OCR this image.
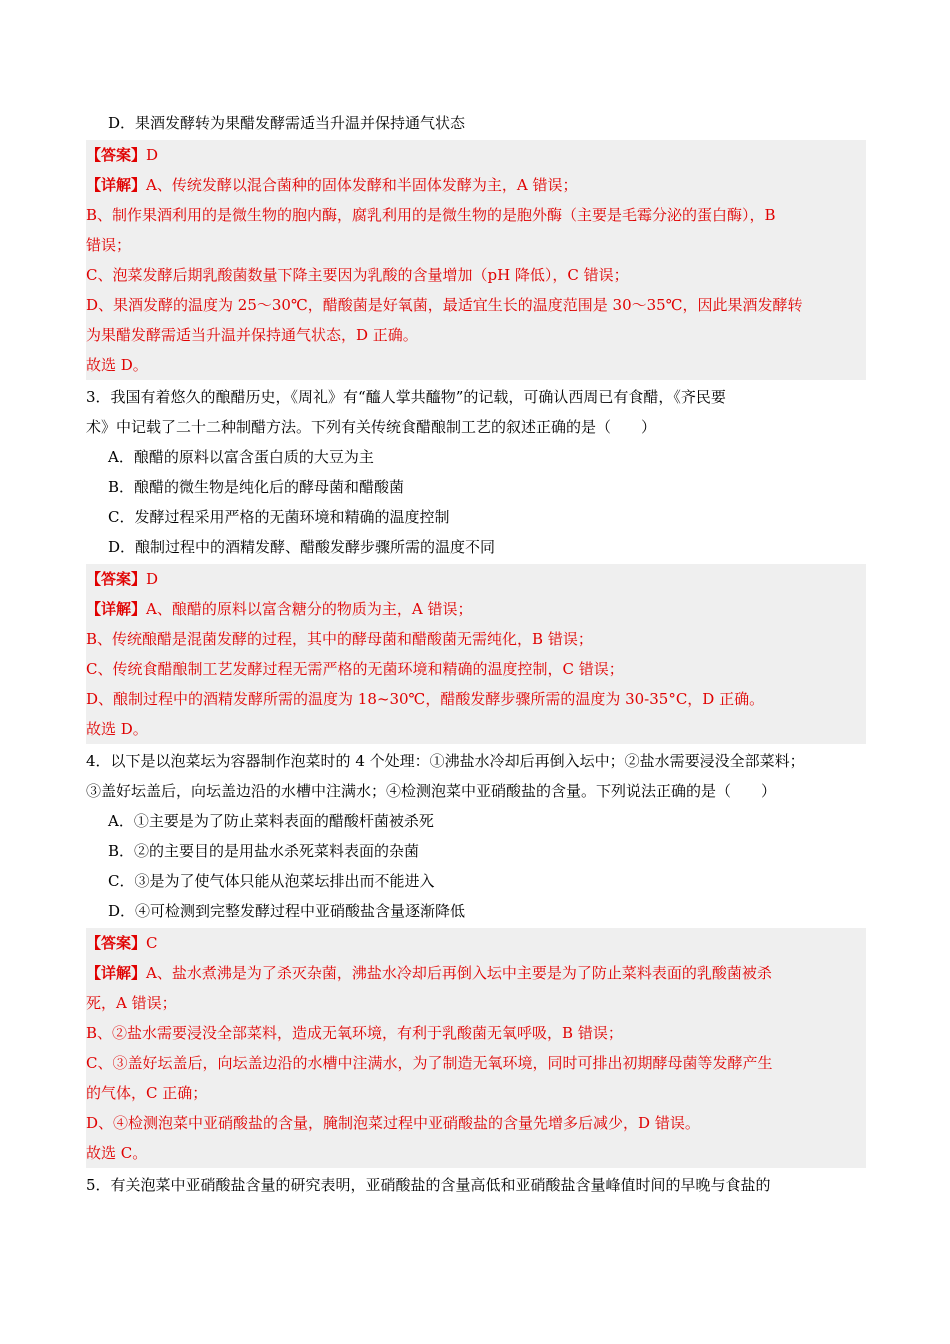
D．果酒发酵转为果醋发酵需适当升温并保持通气状态
【答案】D
【详解】A、传统发酵以混合菌种的固体发酵和半固体发酵为主，A 错误；
B、制作果酒利用的是微生物的胞内酶，腐乳利用的是微生物的是胞外酶（主要是毛霉分泌的蛋白酶），B
错误；
C、泡菜发酵后期乳酸菌数量下降主要因为乳酸的含量增加（pH 降低），C 错误；
D、果酒发酵的温度为 25～30℃，醋酸菌是好氧菌，最适宜生长的温度范围是 30～35℃，因此果酒发酵转
为果醋发酵需适当升温并保持通气状态，D 正确。
故选 D。
3．我国有着悠久的酿醋历史，《周礼》有“醯人掌共醯物”的记载，可确认西周已有食醋，《齐民要
术》中记载了二十二种制醋方法。下列有关传统食醋酿制工艺的叙述正确的是（　　）
A．酿醋的原料以富含蛋白质的大豆为主
B．酿醋的微生物是纯化后的酵母菌和醋酸菌
C．发酵过程采用严格的无菌环境和精确的温度控制
D．酿制过程中的酒精发酵、醋酸发酵步骤所需的温度不同
【答案】D
【详解】A、酿醋的原料以富含糖分的物质为主，A 错误；
B、传统酿醋是混菌发酵的过程，其中的酵母菌和醋酸菌无需纯化，B 错误；
C、传统食醋酿制工艺发酵过程无需严格的无菌环境和精确的温度控制，C 错误；
D、酿制过程中的酒精发酵所需的温度为 18~30℃，醋酸发酵步骤所需的温度为 30-35°C，D 正确。
故选 D。
4．以下是以泡菜坛为容器制作泡菜时的 4 个处理：①沸盐水冷却后再倒入坛中；②盐水需要浸没全部菜料；
③盖好坛盖后，向坛盖边沿的水槽中注满水；④检测泡菜中亚硝酸盐的含量。下列说法正确的是（　　）
A．①主要是为了防止菜料表面的醋酸杆菌被杀死
B．②的主要目的是用盐水杀死菜料表面的杂菌
C．③是为了使气体只能从泡菜坛排出而不能进入
D．④可检测到完整发酵过程中亚硝酸盐含量逐渐降低
【答案】C
【详解】A、盐水煮沸是为了杀灭杂菌，沸盐水冷却后再倒入坛中主要是为了防止菜料表面的乳酸菌被杀
死，A 错误；
B、②盐水需要浸没全部菜料，造成无氧环境，有利于乳酸菌无氧呼吸，B 错误；
C、③盖好坛盖后，向坛盖边沿的水槽中注满水，为了制造无氧环境，同时可排出初期酵母菌等发酵产生
的气体，C 正确；
D、④检测泡菜中亚硝酸盐的含量，腌制泡菜过程中亚硝酸盐的含量先增多后减少，D 错误。
故选 C。
5．有关泡菜中亚硝酸盐含量的研究表明，亚硝酸盐的含量高低和亚硝酸盐含量峰值时间的早晚与食盐的
